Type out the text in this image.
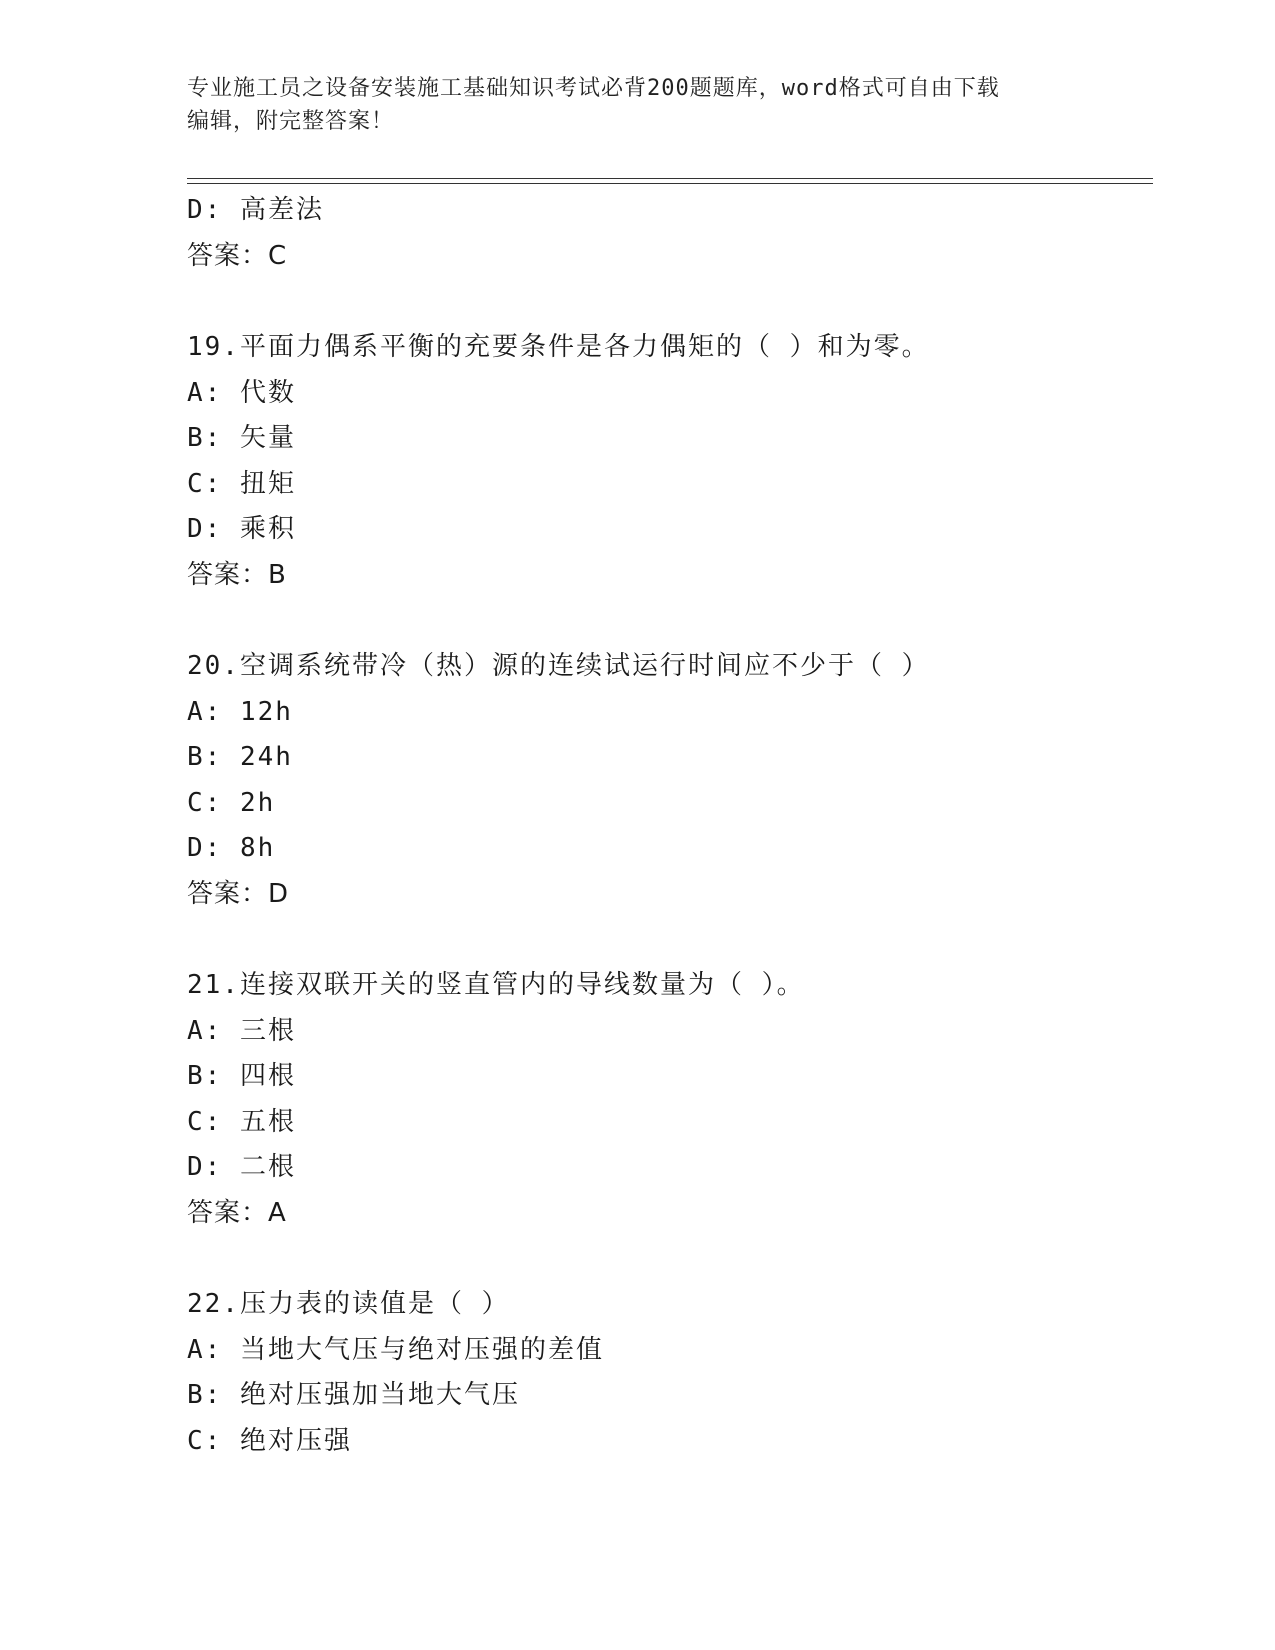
专业施工员之设备安装施工基础知识考试必背200题题库，word格式可自由下载
编辑，附完整答案！
D: 高差法
答案：C
19.平面力偶系平衡的充要条件是各力偶矩的（ ）和为零。
A: 代数
B: 矢量
C: 扭矩
D: 乘积
答案：B
20.空调系统带冷（热）源的连续试运行时间应不少于（ ）
A: 12h
B: 24h
C: 2h
D: 8h
答案：D
21.连接双联开关的竖直管内的导线数量为（ ）。
A: 三根
B: 四根
C: 五根
D: 二根
答案：A
22.压力表的读值是（ ）
A: 当地大气压与绝对压强的差值
B: 绝对压强加当地大气压
C: 绝对压强
